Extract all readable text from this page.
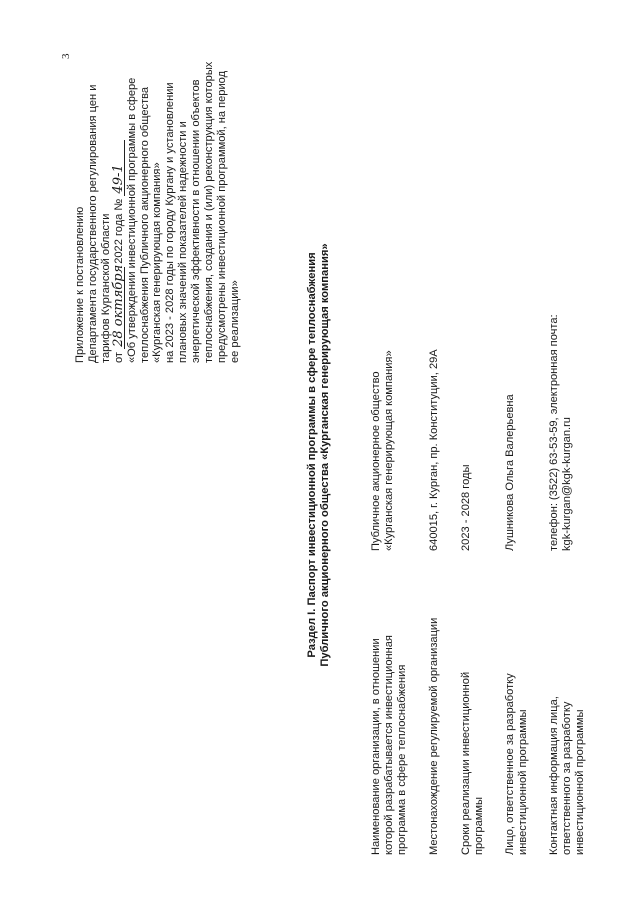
3
Приложение к постановлению Департамента государственного регулирования цен и тарифов Курганской области от 28 октября 2022 года № 49-1 «Об утверждении инвестиционной программы в сфере теплоснабжения Публичного акционерного общества «Курганская генерирующая компания» на 2023 - 2028 годы по городу Кургану и установлении плановых значений показателей надежности и энергетической эффективности в отношении объектов теплоснабжения, создания и (или) реконструкция которых предусмотрены инвестиционной программой, на период ее реализации»	Раздел I. Паспорт инвестиционной программы в сфере теплоснабжения Публичного акционерного общества «Курганская генерирующая компания»
Наименование организации, в отношении которой разрабатывается инвестиционная программа в сфере теплоснабжения
Публичное акционерное общество «Курганская генерирующая компания»
Местонахождение регулируемой организации
640015, г. Курган, пр. Конституции, 29А
Сроки реализации инвестиционной программы
2023 - 2028 годы
Лицо, ответственное за разработку инвестиционной программы
Лушникова Ольга Валерьевна
Контактная информация лица, ответственного за разработку инвестиционной программы
телефон: (3522) 63-53-59, электронная почта: kgk-kurgan@kgk-kurgan.ru
